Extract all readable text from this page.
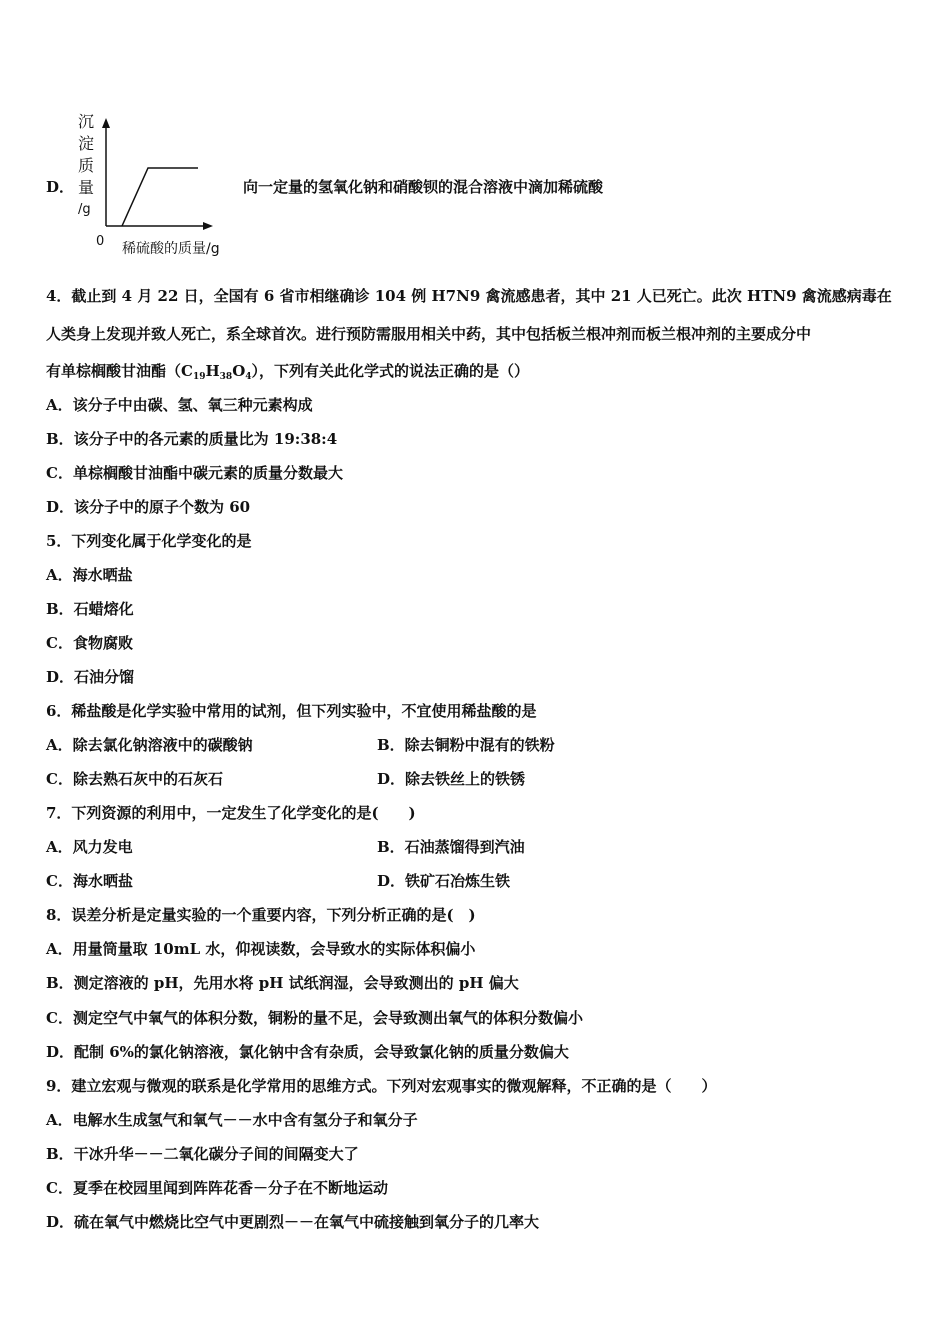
D．
沉
淀
质
量
/g
0 稀硫酸的质量/g
向一定量的氢氧化钠和硝酸钡的混合溶液中滴加稀硫酸
4．截止到 4 月 22 日，全国有 6 省市相继确诊 104 例 H7N9 禽流感患者，其中 21 人已死亡。此次 HTN9 禽流感病毒在
人类身上发现并致人死亡，系全球首次。进行预防需服用相关中药，其中包括板兰根冲剂而板兰根冲剂的主要成分中
有单棕榈酸甘油酯$(C_{19}H_{38}O_4)$，下列有关此化学式的说法正确的是（）
A．该分子中由碳、氢、氧三种元素构成
B．该分子中的各元素的质量比为 19:38:4
C．单棕榈酸甘油酯中碳元素的质量分数最大
D．该分子中的原子个数为 60
5．下列变化属于化学变化的是
A．海水晒盐
B．石蜡熔化
C．食物腐败
D．石油分馏
6．稀盐酸是化学实验中常用的试剂，但下列实验中，不宜使用稀盐酸的是
A．除去氯化钠溶液中的碳酸钠	B．除去铜粉中混有的铁粉
C．除去熟石灰中的石灰石	D．除去铁丝上的铁锈
7．下列资源的利用中，一定发生了化学变化的是(　　)
A．风力发电	B．石油蒸馏得到汽油
C．海水晒盐	D．铁矿石冶炼生铁
8．误差分析是定量实验的一个重要内容，下列分析正确的是(　)
A．用量筒量取 10mL 水，仰视读数，会导致水的实际体积偏小
B．测定溶液的 pH，先用水将 pH 试纸润湿，会导致测出的 pH 偏大
C．测定空气中氧气的体积分数，铜粉的量不足，会导致测出氧气的体积分数偏小
D．配制 6%的氯化钠溶液，氯化钠中含有杂质，会导致氯化钠的质量分数偏大
9．建立宏观与微观的联系是化学常用的思维方式。下列对宏观事实的微观解释，不正确的是（　　）
A．电解水生成氢气和氧气－－水中含有氢分子和氧分子
B．干冰升华－－二氧化碳分子间的间隔变大了
C．夏季在校园里闻到阵阵花香－分子在不断地运动
D．硫在氧气中燃烧比空气中更剧烈－－在氧气中硫接触到氧分子的几率大
